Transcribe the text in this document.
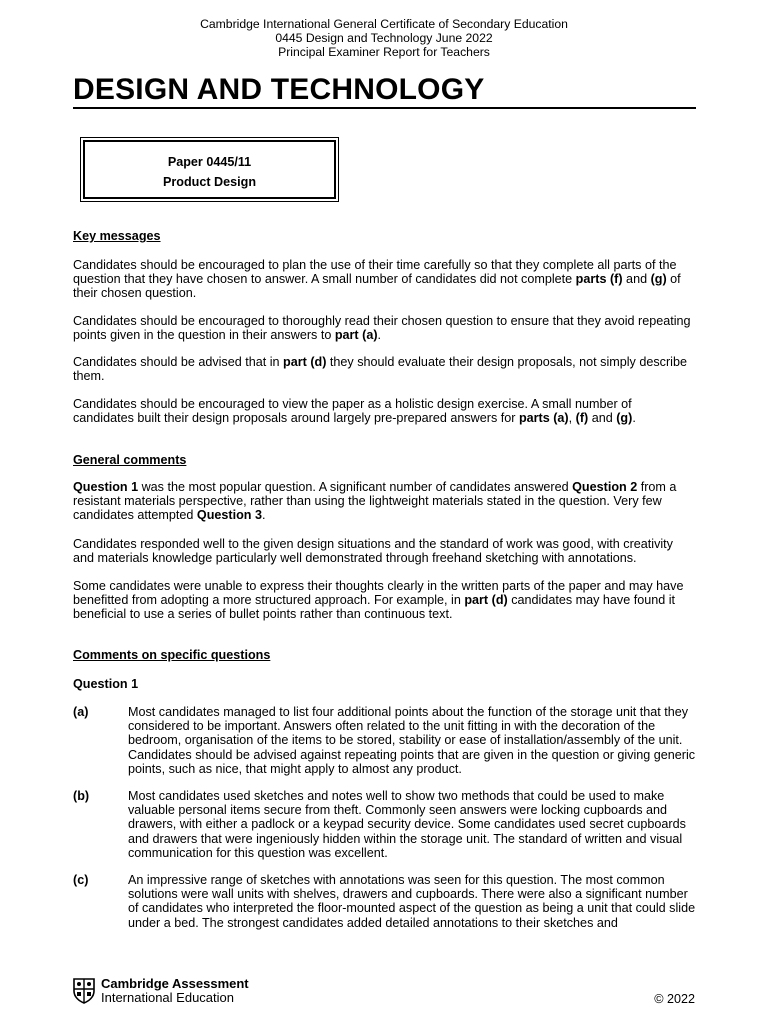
Cambridge International General Certificate of Secondary Education
0445 Design and Technology June 2022
Principal Examiner Report for Teachers
DESIGN AND TECHNOLOGY
Paper 0445/11
Product Design

Key messages

Candidates should be encouraged to plan the use of their time carefully so that they complete all parts of the question that they have chosen to answer. A small number of candidates did not complete parts (f) and (g) of their chosen question.

Candidates should be encouraged to thoroughly read their chosen question to ensure that they avoid repeating points given in the question in their answers to part (a).

Candidates should be advised that in part (d) they should evaluate their design proposals, not simply describe them.

Candidates should be encouraged to view the paper as a holistic design exercise. A small number of candidates built their design proposals around largely pre-prepared answers for parts (a), (f) and (g).

General comments

Question 1 was the most popular question. A significant number of candidates answered Question 2 from a resistant materials perspective, rather than using the lightweight materials stated in the question. Very few candidates attempted Question 3.

Candidates responded well to the given design situations and the standard of work was good, with creativity and materials knowledge particularly well demonstrated through freehand sketching with annotations.

Some candidates were unable to express their thoughts clearly in the written parts of the paper and may have benefitted from adopting a more structured approach. For example, in part (d) candidates may have found it beneficial to use a series of bullet points rather than continuous text.

Comments on specific questions

Question 1

(a)	Most candidates managed to list four additional points about the function of the storage unit that they considered to be important. Answers often related to the unit fitting in with the decoration of the bedroom, organisation of the items to be stored, stability or ease of installation/assembly of the unit. Candidates should be advised against repeating points that are given in the question or giving generic points, such as nice, that might apply to almost any product.
(b)	Most candidates used sketches and notes well to show two methods that could be used to make valuable personal items secure from theft. Commonly seen answers were locking cupboards and drawers, with either a padlock or a keypad security device. Some candidates used secret cupboards and drawers that were ingeniously hidden within the storage unit. The standard of written and visual communication for this question was excellent.
(c)	An impressive range of sketches with annotations was seen for this question. The most common solutions were wall units with shelves, drawers and cupboards. There were also a significant number of candidates who interpreted the floor-mounted aspect of the question as being a unit that could slide under a bed. The strongest candidates added detailed annotations to their sketches and
Cambridge Assessment
International Education	© 2022
